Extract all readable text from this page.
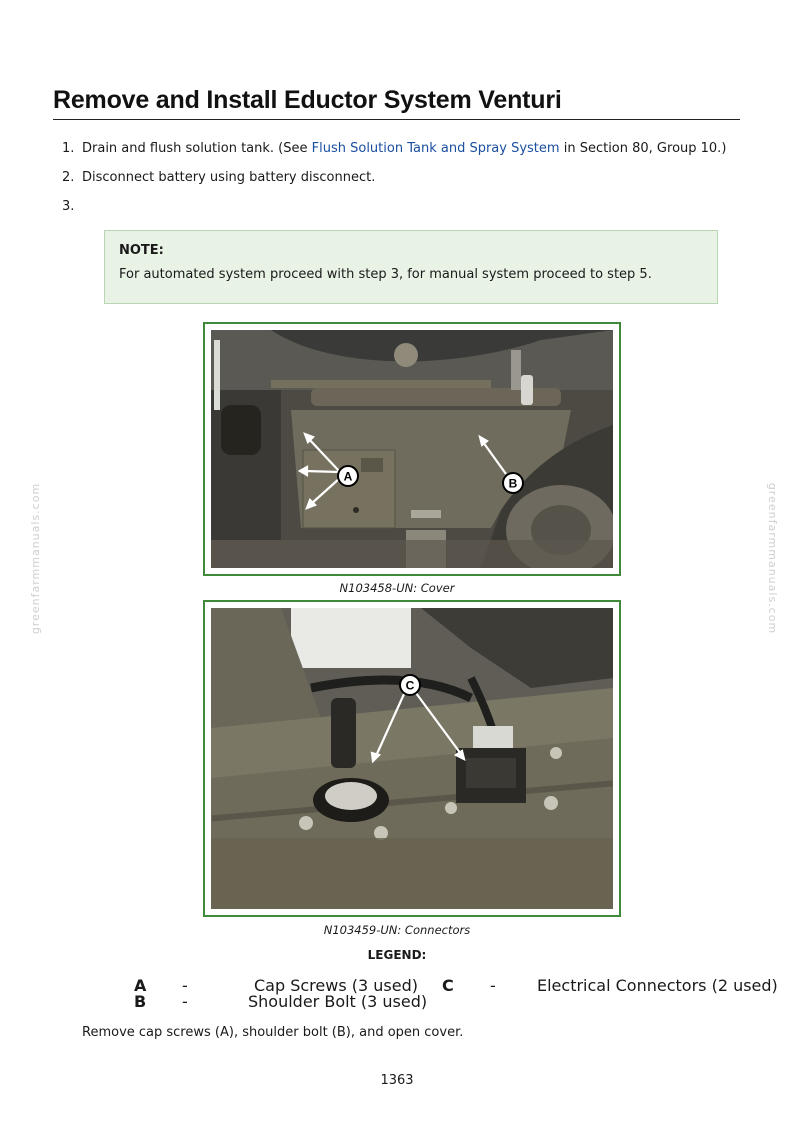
Remove and Install Eductor System Venturi
1. Drain and flush solution tank. (See Flush Solution Tank and Spray System in Section 80, Group 10.)
2. Disconnect battery using battery disconnect.
3.
NOTE:
For automated system proceed with step 3, for manual system proceed to step 5.
A	B
N103458-UN: Cover
C
N103459-UN: Connectors
LEGEND:
A -	Cap Screws (3 used)
B -	Shoulder Bolt (3 used)
C -	Electrical Connectors (2 used)
Remove cap screws (A), shoulder bolt (B), and open cover.
1363
greenfarmmanuals.com	greenfarmmanuals.com
